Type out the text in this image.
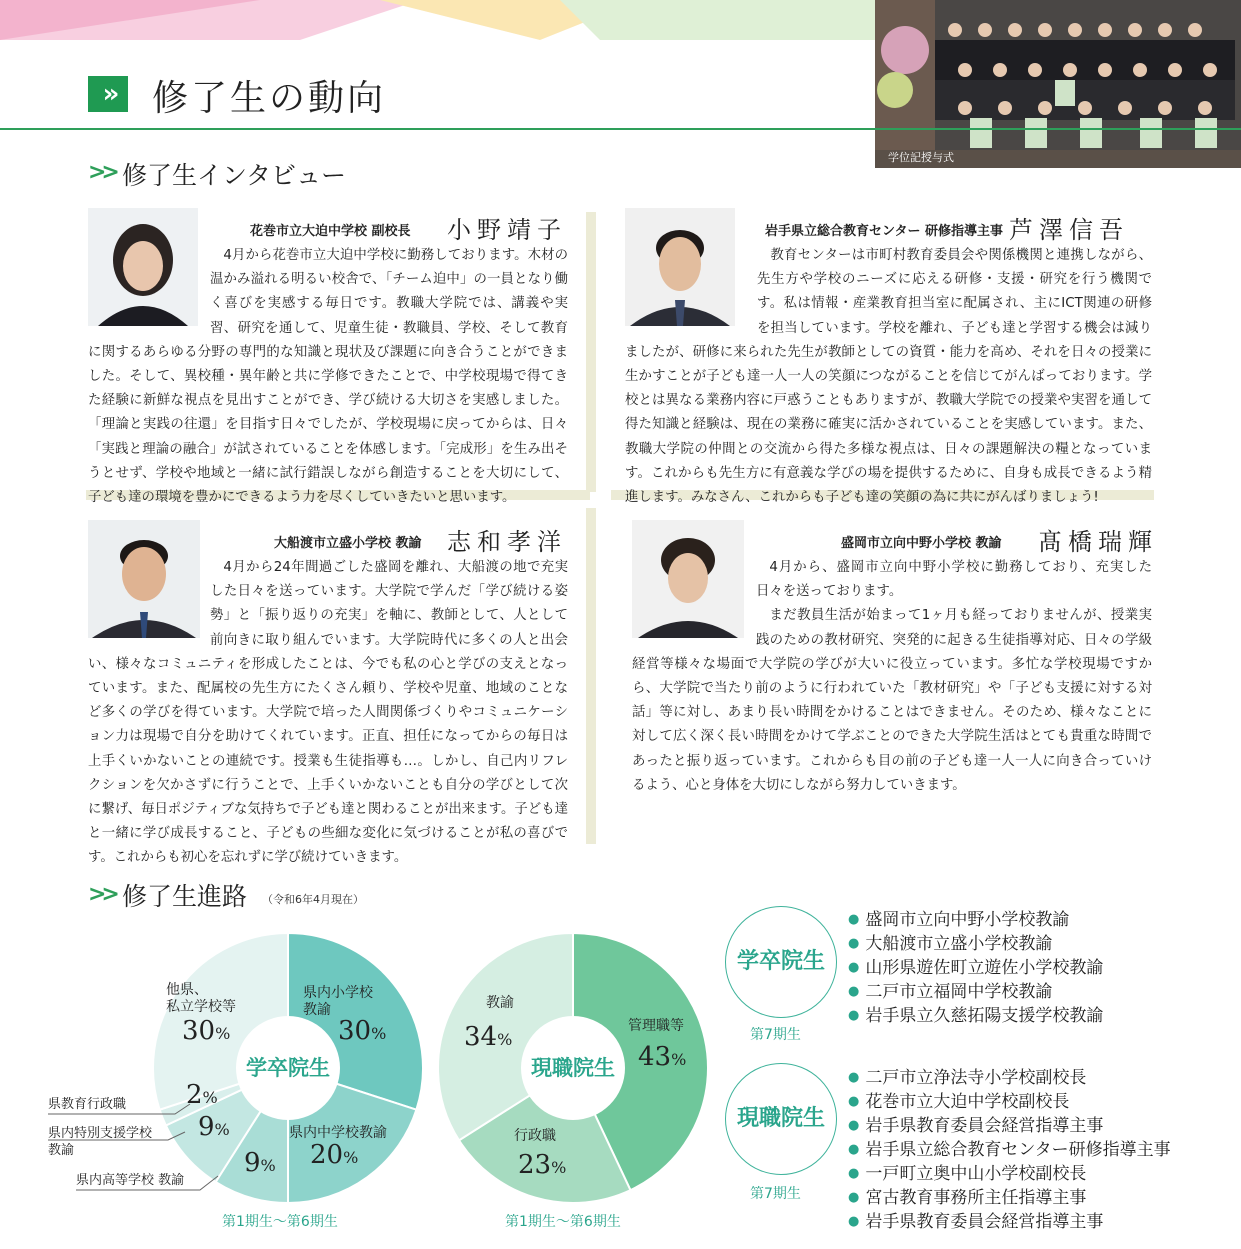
学位記授与式
»	修了生の動向
>> 修了生インタビュー
花巻市立大迫中学校 副校長 小野靖子

4月から花巻市立大迫中学校に勤務しております。木材の温かみ溢れる明るい校舎で、「チーム迫中」の一員となり働く喜びを実感する毎日です。教職大学院では、講義や実習、研究を通して、児童生徒・教職員、学校、そして教育に関するあらゆる分野の専門的な知識と現状及び課題に向き合うことができました。そして、異校種・異年齢と共に学修できたことで、中学校現場で得てきた経験に新鮮な視点を見出すことができ、学び続ける大切さを実感しました。「理論と実践の往還」を目指す日々でしたが、学校現場に戻ってからは、日々「実践と理論の融合」が試されていることを体感します。「完成形」を生み出そうとせず、学校や地域と一緒に試行錯誤しながら創造することを大切にして、子ども達の環境を豊かにできるよう力を尽くしていきたいと思います。

岩手県立総合教育センター 研修指導主事 芦澤信吾

教育センターは市町村教育委員会や関係機関と連携しながら、先生方や学校のニーズに応える研修・支援・研究を行う機関です。私は情報・産業教育担当室に配属され、主にICT関連の研修を担当しています。学校を離れ、子ども達と学習する機会は減りましたが、研修に来られた先生が教師としての資質・能力を高め、それを日々の授業に生かすことが子ども達一人一人の笑顔につながることを信じてがんばっております。学校とは異なる業務内容に戸惑うこともありますが、教職大学院での授業や実習を通して得た知識と経験は、現在の業務に確実に活かされていることを実感しています。また、教職大学院の仲間との交流から得た多様な視点は、日々の課題解決の糧となっています。これからも先生方に有意義な学びの場を提供するために、自身も成長できるよう精進します。みなさん、これからも子ども達の笑顔の為に共にがんばりましょう!

大船渡市立盛小学校 教諭 志和孝洋

4月から24年間過ごした盛岡を離れ、大船渡の地で充実した日々を送っています。大学院で学んだ「学び続ける姿勢」と「振り返りの充実」を軸に、教師として、人として前向きに取り組んでいます。大学院時代に多くの人と出会い、様々なコミュニティを形成したことは、今でも私の心と学びの支えとなっています。また、配属校の先生方にたくさん頼り、学校や児童、地域のことなど多くの学びを得ています。大学院で培った人間関係づくりやコミュニケーション力は現場で自分を助けてくれています。正直、担任になってからの毎日は上手くいかないことの連続です。授業も生徒指導も…。しかし、自己内リフレクションを欠かさずに行うことで、上手くいかないことも自分の学びとして次に繋げ、毎日ポジティブな気持ちで子ども達と関わることが出来ます。子ども達と一緒に学び成長すること、子どもの些細な変化に気づけることが私の喜びです。これからも初心を忘れずに学び続けていきます。

盛岡市立向中野小学校 教諭 髙橋瑞輝

4月から、盛岡市立向中野小学校に勤務しており、充実した日々を送っております。

まだ教員生活が始まって1ヶ月も経っておりませんが、授業実践のための教材研究、突発的に起きる生徒指導対応、日々の学級経営等様々な場面で大学院の学びが大いに役立っています。多忙な学校現場ですから、大学院で当たり前のように行われていた「教材研究」や「子ども支援に対する対話」等に対し、あまり長い時間をかけることはできません。そのため、様々なことに対して広く深く長い時間をかけて学ぶことのできた大学院生活はとても貴重な時間であったと振り返っています。これからも目の前の子ども達一人一人に向き合っていけるよう、心と身体を大切にしながら努力していきます。

>> 修了生進路 （令和6年4月現在）
学卒院生
県内小学校
教諭
30%
県内中学校教諭
20%
9%
9%
2%
他県、
私立学校等
30%
県教育行政職
県内特別支援学校
教諭
県内高等学校 教諭
第1期生～第6期生
現職院生
管理職等
43%
行政職
23%
教諭
34%
第1期生～第6期生
学卒院生
第7期生
● 盛岡市立向中野小学校教諭
● 大船渡市立盛小学校教諭
● 山形県遊佐町立遊佐小学校教諭
● 二戸市立福岡中学校教諭
● 岩手県立久慈拓陽支援学校教諭
現職院生
第7期生
● 二戸市立浄法寺小学校副校長
● 花巻市立大迫中学校副校長
● 岩手県教育委員会経営指導主事
● 岩手県立総合教育センター研修指導主事
● 一戸町立奥中山小学校副校長
● 宮古教育事務所主任指導主事
● 岩手県教育委員会経営指導主事
